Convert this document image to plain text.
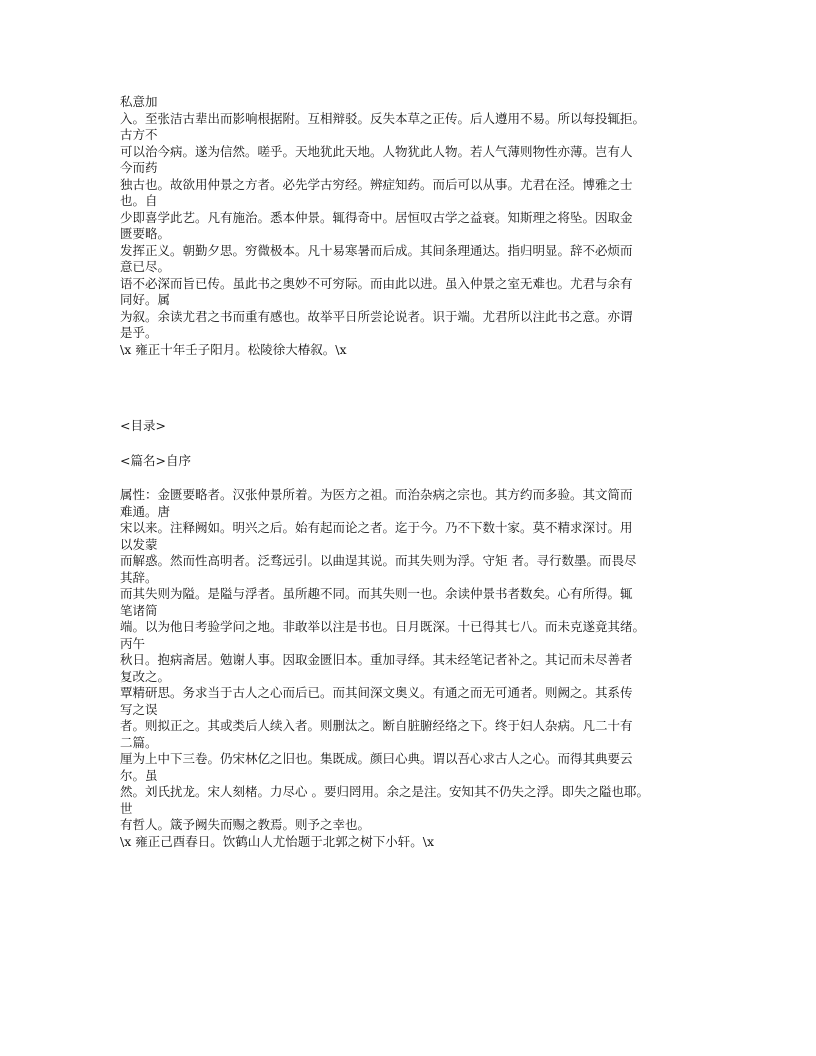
私意加
入。至张洁古辈出而影响根据附。互相辩驳。反失本草之正传。后人遵用不易。所以每投辄拒。
古方不
可以治今病。遂为信然。嗟乎。天地犹此天地。人物犹此人物。若人气薄则物性亦薄。岂有人
今而药
独古也。故欲用仲景之方者。必先学古穷经。辨症知药。而后可以从事。尤君在泾。博雅之士
也。自
少即喜学此艺。凡有施治。悉本仲景。辄得奇中。居恒叹古学之益衰。知斯理之将坠。因取金
匮要略。
发挥正义。朝勤夕思。穷微极本。凡十易寒暑而后成。其间条理通达。指归明显。辞不必烦而
意已尽。
语不必深而旨已传。虽此书之奥妙不可穷际。而由此以进。虽入仲景之室无难也。尤君与余有
同好。属
为叙。余读尤君之书而重有感也。故举平日所尝论说者。识于端。尤君所以注此书之意。亦谓
是乎。
\x 雍正十年壬子阳月。松陵徐大椿叙。\x
<目录>
<篇名>自序
属性：金匮要略者。汉张仲景所着。为医方之祖。而治杂病之宗也。其方约而多验。其文简而
难通。唐
宋以来。注释阙如。明兴之后。始有起而论之者。迄于今。乃不下数十家。莫不精求深讨。用
以发蒙
而解惑。然而性高明者。泛骛远引。以曲逞其说。而其失则为浮。守矩 者。寻行数墨。而畏尽
其辞。
而其失则为隘。是隘与浮者。虽所趣不同。而其失则一也。余读仲景书者数矣。心有所得。辄
笔诸简
端。以为他日考验学问之地。非敢举以注是书也。日月既深。十已得其七八。而未克遂竟其绪。
丙午
秋日。抱病斋居。勉谢人事。因取金匮旧本。重加寻绎。其未经笔记者补之。其记而未尽善者
复改之。
覃精研思。务求当于古人之心而后已。而其间深文奥义。有通之而无可通者。则阙之。其系传
写之误
者。则拟正之。其或类后人续入者。则删汰之。断自脏腑经络之下。终于妇人杂病。凡二十有
二篇。
厘为上中下三卷。仍宋林亿之旧也。集既成。颜曰心典。谓以吾心求古人之心。而得其典要云
尔。虽
然。刘氏扰龙。宋人刻楮。力尽心 。要归罔用。余之是注。安知其不仍失之浮。即失之隘也耶。
世
有哲人。箴予阙失而赐之教焉。则予之幸也。
\x 雍正己酉春日。饮鹤山人尤怡题于北郭之树下小轩。\x
